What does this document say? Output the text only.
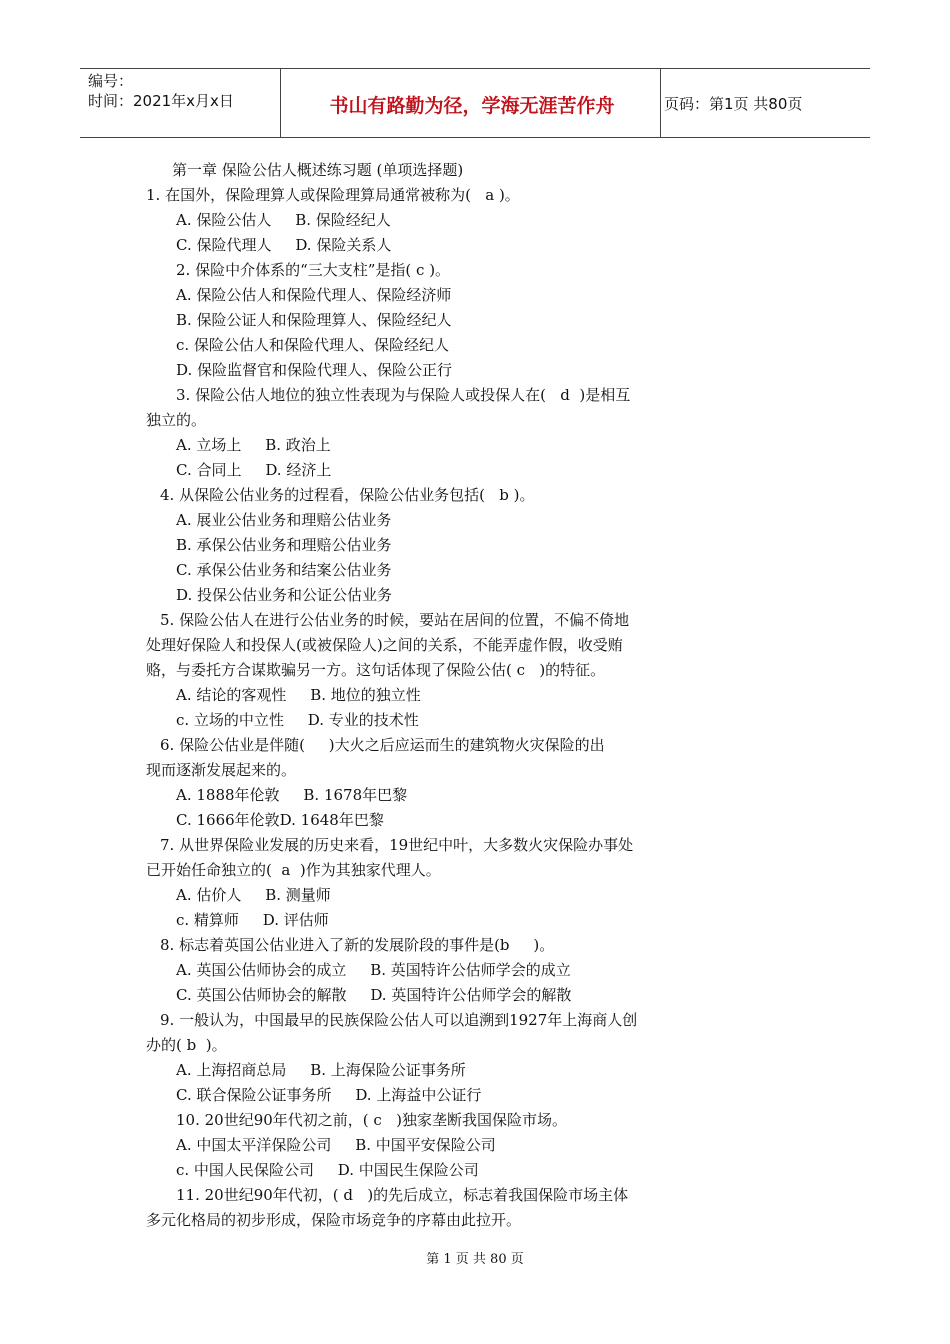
编号：
时间：2021年x月x日	书山有路勤为径，学海无涯苦作舟	页码：第1页 共80页
第一章 保险公估人概述练习题 (单项选择题)
1. 在国外，保险理算人或保险理算局通常被称为(   a )。
A. 保险公估人     B. 保险经纪人
C. 保险代理人     D. 保险关系人
2. 保险中介体系的“三大支柱”是指( c )。
A. 保险公估人和保险代理人、保险经济师
B. 保险公证人和保险理算人、保险经纪人
c. 保险公估人和保险代理人、保险经纪人
D. 保险监督官和保险代理人、保险公正行
3. 保险公估人地位的独立性表现为与保险人或投保人在(   d  )是相互
独立的。
A. 立场上     B. 政治上
C. 合同上     D. 经济上
4. 从保险公估业务的过程看，保险公估业务包括(   b )。
A. 展业公估业务和理赔公估业务
B. 承保公估业务和理赔公估业务
C. 承保公估业务和结案公估业务
D. 投保公估业务和公证公估业务
5. 保险公估人在进行公估业务的时候，要站在居间的位置，不偏不倚地
处理好保险人和投保人(或被保险人)之间的关系，不能弄虚作假，收受贿
赂，与委托方合谋欺骗另一方。这句话体现了保险公估( c   )的特征。
A. 结论的客观性     B. 地位的独立性
c. 立场的中立性     D. 专业的技术性
6. 保险公估业是伴随(     )大火之后应运而生的建筑物火灾保险的出
现而逐渐发展起来的。
A. 1888年伦敦     B. 1678年巴黎
C. 1666年伦敦D. 1648年巴黎
7. 从世界保险业发展的历史来看，19世纪中叶，大多数火灾保险办事处
已开始任命独立的(  a  )作为其独家代理人。
A. 估价人     B. 测量师
c. 精算师     D. 评估师
8. 标志着英国公估业进入了新的发展阶段的事件是(b     )。
A. 英国公估师协会的成立     B. 英国特许公估师学会的成立
C. 英国公估师协会的解散     D. 英国特许公估师学会的解散
9. 一般认为，中国最早的民族保险公估人可以追溯到1927年上海商人创
办的( b  )。
A. 上海招商总局     B. 上海保险公证事务所
C. 联合保险公证事务所     D. 上海益中公证行
10. 20世纪90年代初之前，( c   )独家垄断我国保险市场。
A. 中国太平洋保险公司     B. 中国平安保险公司
c. 中国人民保险公司     D. 中国民生保险公司
11. 20世纪90年代初，( d   )的先后成立，标志着我国保险市场主体
多元化格局的初步形成，保险市场竞争的序幕由此拉开。
第 1 页 共 80 页
